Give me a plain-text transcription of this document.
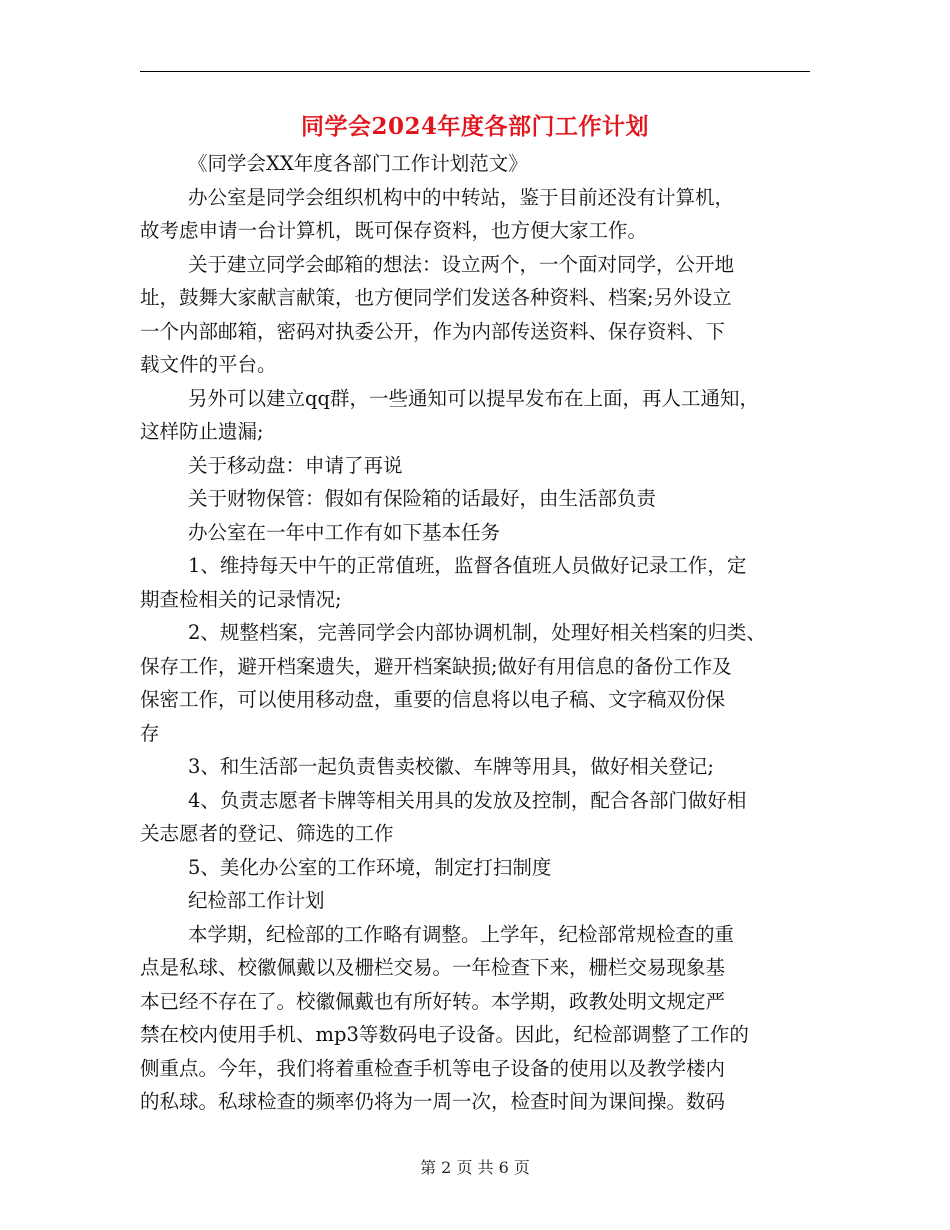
同学会2024年度各部门工作计划
《同学会XX年度各部门工作计划范文》
办公室是同学会组织机构中的中转站，鉴于目前还没有计算机，
故考虑申请一台计算机，既可保存资料，也方便大家工作。
关于建立同学会邮箱的想法：设立两个，一个面对同学，公开地
址，鼓舞大家献言献策，也方便同学们发送各种资料、档案;另外设立
一个内部邮箱，密码对执委公开，作为内部传送资料、保存资料、下
载文件的平台。
另外可以建立qq群，一些通知可以提早发布在上面，再人工通知，
这样防止遗漏;
关于移动盘：申请了再说
关于财物保管：假如有保险箱的话最好，由生活部负责
办公室在一年中工作有如下基本任务
1、维持每天中午的正常值班，监督各值班人员做好记录工作，定
期查检相关的记录情况;
2、规整档案，完善同学会内部协调机制，处理好相关档案的归类、
保存工作，避开档案遗失，避开档案缺损;做好有用信息的备份工作及
保密工作，可以使用移动盘，重要的信息将以电子稿、文字稿双份保
存
3、和生活部一起负责售卖校徽、车牌等用具，做好相关登记;
4、负责志愿者卡牌等相关用具的发放及控制，配合各部门做好相
关志愿者的登记、筛选的工作
5、美化办公室的工作环境，制定打扫制度
纪检部工作计划
本学期，纪检部的工作略有调整。上学年，纪检部常规检查的重
点是私球、校徽佩戴以及栅栏交易。一年检查下来，栅栏交易现象基
本已经不存在了。校徽佩戴也有所好转。本学期，政教处明文规定严
禁在校内使用手机、mp3等数码电子设备。因此，纪检部调整了工作的
侧重点。今年，我们将着重检查手机等电子设备的使用以及教学楼内
的私球。私球检查的频率仍将为一周一次，检查时间为课间操。数码
第 2 页 共 6 页
